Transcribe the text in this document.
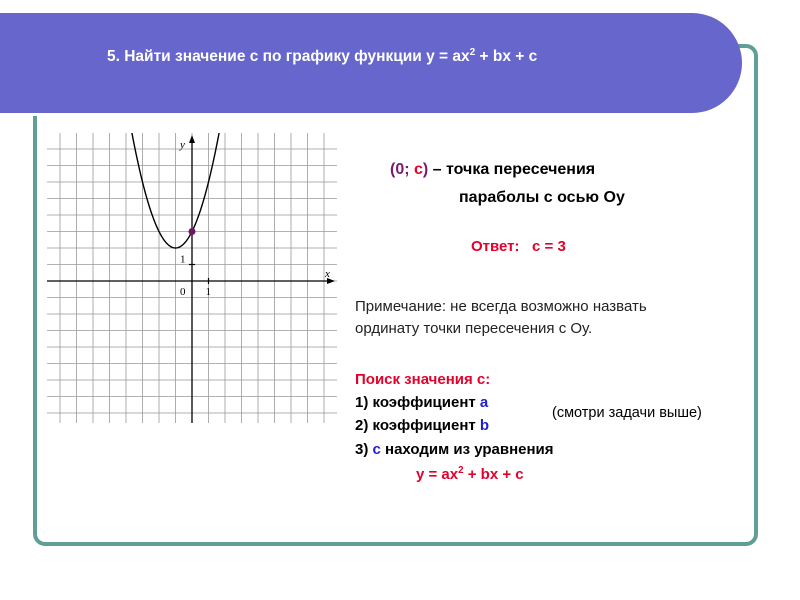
5. Найти значение с по графику функции $у = ах^2$ + bх + с
y
x
0 1
1
(0; с) – точка пересечения
параболы с осью Оу
Ответ: с = 3
Примечание: не всегда возможно назвать
ординату точки пересечения с Оу.
Поиск значения с:
1) коэффициент а
2) коэффициент b
3) с находим из уравнения
$у = ах^2$ + bх + с
(смотри задачи выше)
